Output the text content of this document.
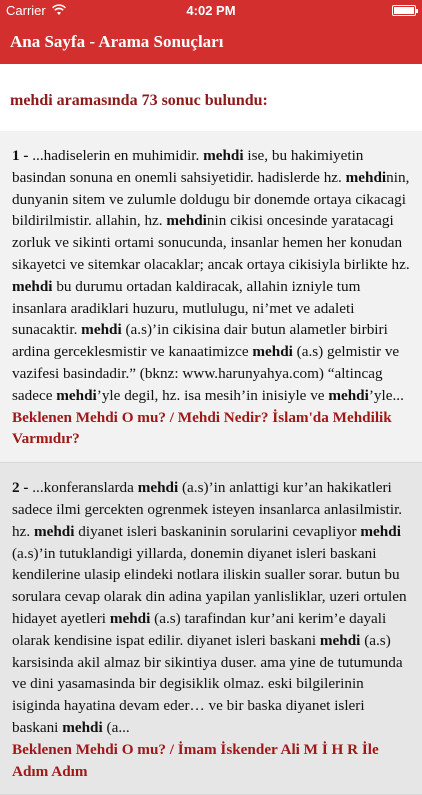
Carrier	4:02 PM
Ana Sayfa - Arama Sonuçları
mehdi aramasında 73 sonuc bulundu:
1 - ...hadiselerin en muhimidir. mehdi ise, bu hakimiyetin basindan sonuna en onemli sahsiyetidir. hadislerde hz. mehdinin, dunyanin sitem ve zulumle doldugu bir donemde ortaya cikacagi bildirilmistir. allahin, hz. mehdinin cikisi oncesinde yaratacagi zorluk ve sikinti ortami sonucunda, insanlar hemen her konudan sikayetci ve sitemkar olacaklar; ancak ortaya cikisiyla birlikte hz. mehdi bu durumu ortadan kaldiracak, allahin izniyle tum insanlara aradiklari huzuru, mutlulugu, ni’met ve adaleti sunacaktir. mehdi (a.s)’in cikisina dair butun alametler birbiri ardina gerceklesmistir ve kanaatimizce mehdi (a.s) gelmistir ve vazifesi basindadir.” (bknz: www.harunyahya.com) “altincag sadece mehdi’yle degil, hz. isa mesih’in inisiyle ve mehdi’yle...
Beklenen Mehdi O mu? / Mehdi Nedir? İslam'da Mehdilik Varmıdır?
2 - ...konferanslarda mehdi (a.s)’in anlattigi kur’an hakikatleri sadece ilmi gercekten ogrenmek isteyen insanlarca anlasilmistir. hz. mehdi diyanet isleri baskaninin sorularini cevapliyor mehdi (a.s)’in tutuklandigi yillarda, donemin diyanet isleri baskani kendilerine ulasip elindeki notlara iliskin sualler sorar. butun bu sorulara cevap olarak din adina yapilan yanlisliklar, uzeri ortulen hidayet ayetleri mehdi (a.s) tarafindan kur’ani kerim’e dayali olarak kendisine ispat edilir. diyanet isleri baskani mehdi (a.s) karsisinda akil almaz bir sikintiya duser. ama yine de tutumunda ve dini yasamasinda bir degisiklik olmaz. eski bilgilerinin isiginda hayatina devam eder… ve bir baska diyanet isleri baskani mehdi (a...
Beklenen Mehdi O mu? / İmam İskender Ali M İ H R İle Adım Adım
